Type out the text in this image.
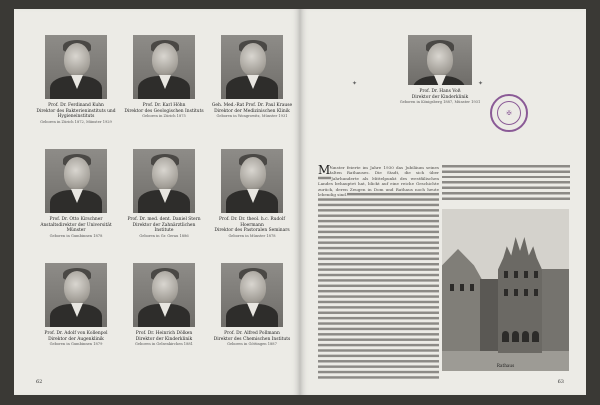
Prof. Dr. Ferdinand Kuhn
Direktor des Bakterieninstituts und Hygieneinstituts
Geboren in Zürich 1872, Münster 1929
Prof. Dr. Karl Höhn
Direktor des Geologischen Instituts
Geboren in Zürich 1875
Geh. Med.-Rat Prof. Dr. Paul Krause
Direktor der Medizinischen Klinik
Geboren in Wongrowitz, Münster 1931
Prof. Dr. Otto Kirschner
Anstaltsdirektor der Universität Münster
Geboren in Gumbinnen 1878
Prof. Dr. med. dent. Daniel Stern
Direktor der Zahnärztlichen Institute
Geboren in Gr. Gerau 1886
Prof. Dr. Dr. theol. h.c. Rudolf Hoermann
Direktor des Pastoralen Seminars
Geboren in Münster 1878
Prof. Dr. Adolf von Kollenpol
Direktor der Augenklinik
Geboren in Gumbinnen 1879
Prof. Dr. Heinrich Dölken
Direktor der Kinderklinik
Geboren in Gelsenkirchen 1881
Prof. Dr. Alfred Pollmann
Direktor des Chemischen Instituts
Geboren in Göttingen 1887
62
✦
Prof. Dr. Hans Voß
Direktor der Kinderklinik
Geboren in Königsberg 1887, Münster 1931
✦
✠
M ünster feierte im Jahre 1930 das Jubiläum seines alten Rathauses. Die Stadt, die sich über Jahrhunderte als Mittelpunkt des westfälischen Landes behauptet hat, blickt auf eine reiche Geschichte zurück, deren Zeugen in Dom und Rathaus noch heute lebendig sind.
Rathaus
63
